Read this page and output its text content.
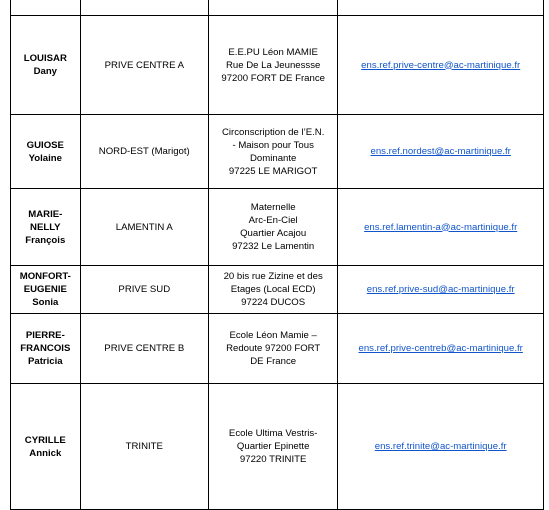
LOUISAR
Dany	PRIVE CENTRE A	E.E.PU Léon MAMIE
Rue De La Jeunessse
97200 FORT DE France	ens.ref.prive-centre@ac-martinique.fr

GUIOSE
Yolaine	NORD-EST (Marigot)	Circonscription de l’E.N.
- Maison pour Tous
Dominante
97225 LE MARIGOT	ens.ref.nordest@ac-martinique.fr

MARIE-
NELLY
François	LAMENTIN A	Maternelle
Arc-En-Ciel
Quartier Acajou
97232 Le Lamentin	ens.ref.lamentin-a@ac-martinique.fr

MONFORT-
EUGENIE
Sonia	PRIVE SUD	20 bis rue Zizine et des
Etages (Local ECD)
97224 DUCOS	ens.ref.prive-sud@ac-martinique.fr

PIERRE-
FRANCOIS
Patricia	PRIVE CENTRE B	Ecole Léon Mamie –
Redoute 97200 FORT
DE France	ens.ref.prive-centreb@ac-martinique.fr

CYRILLE
Annick	TRINITE	Ecole Ultima Vestris-
Quartier Epinette
97220 TRINITE	ens.ref.trinite@ac-martinique.fr
